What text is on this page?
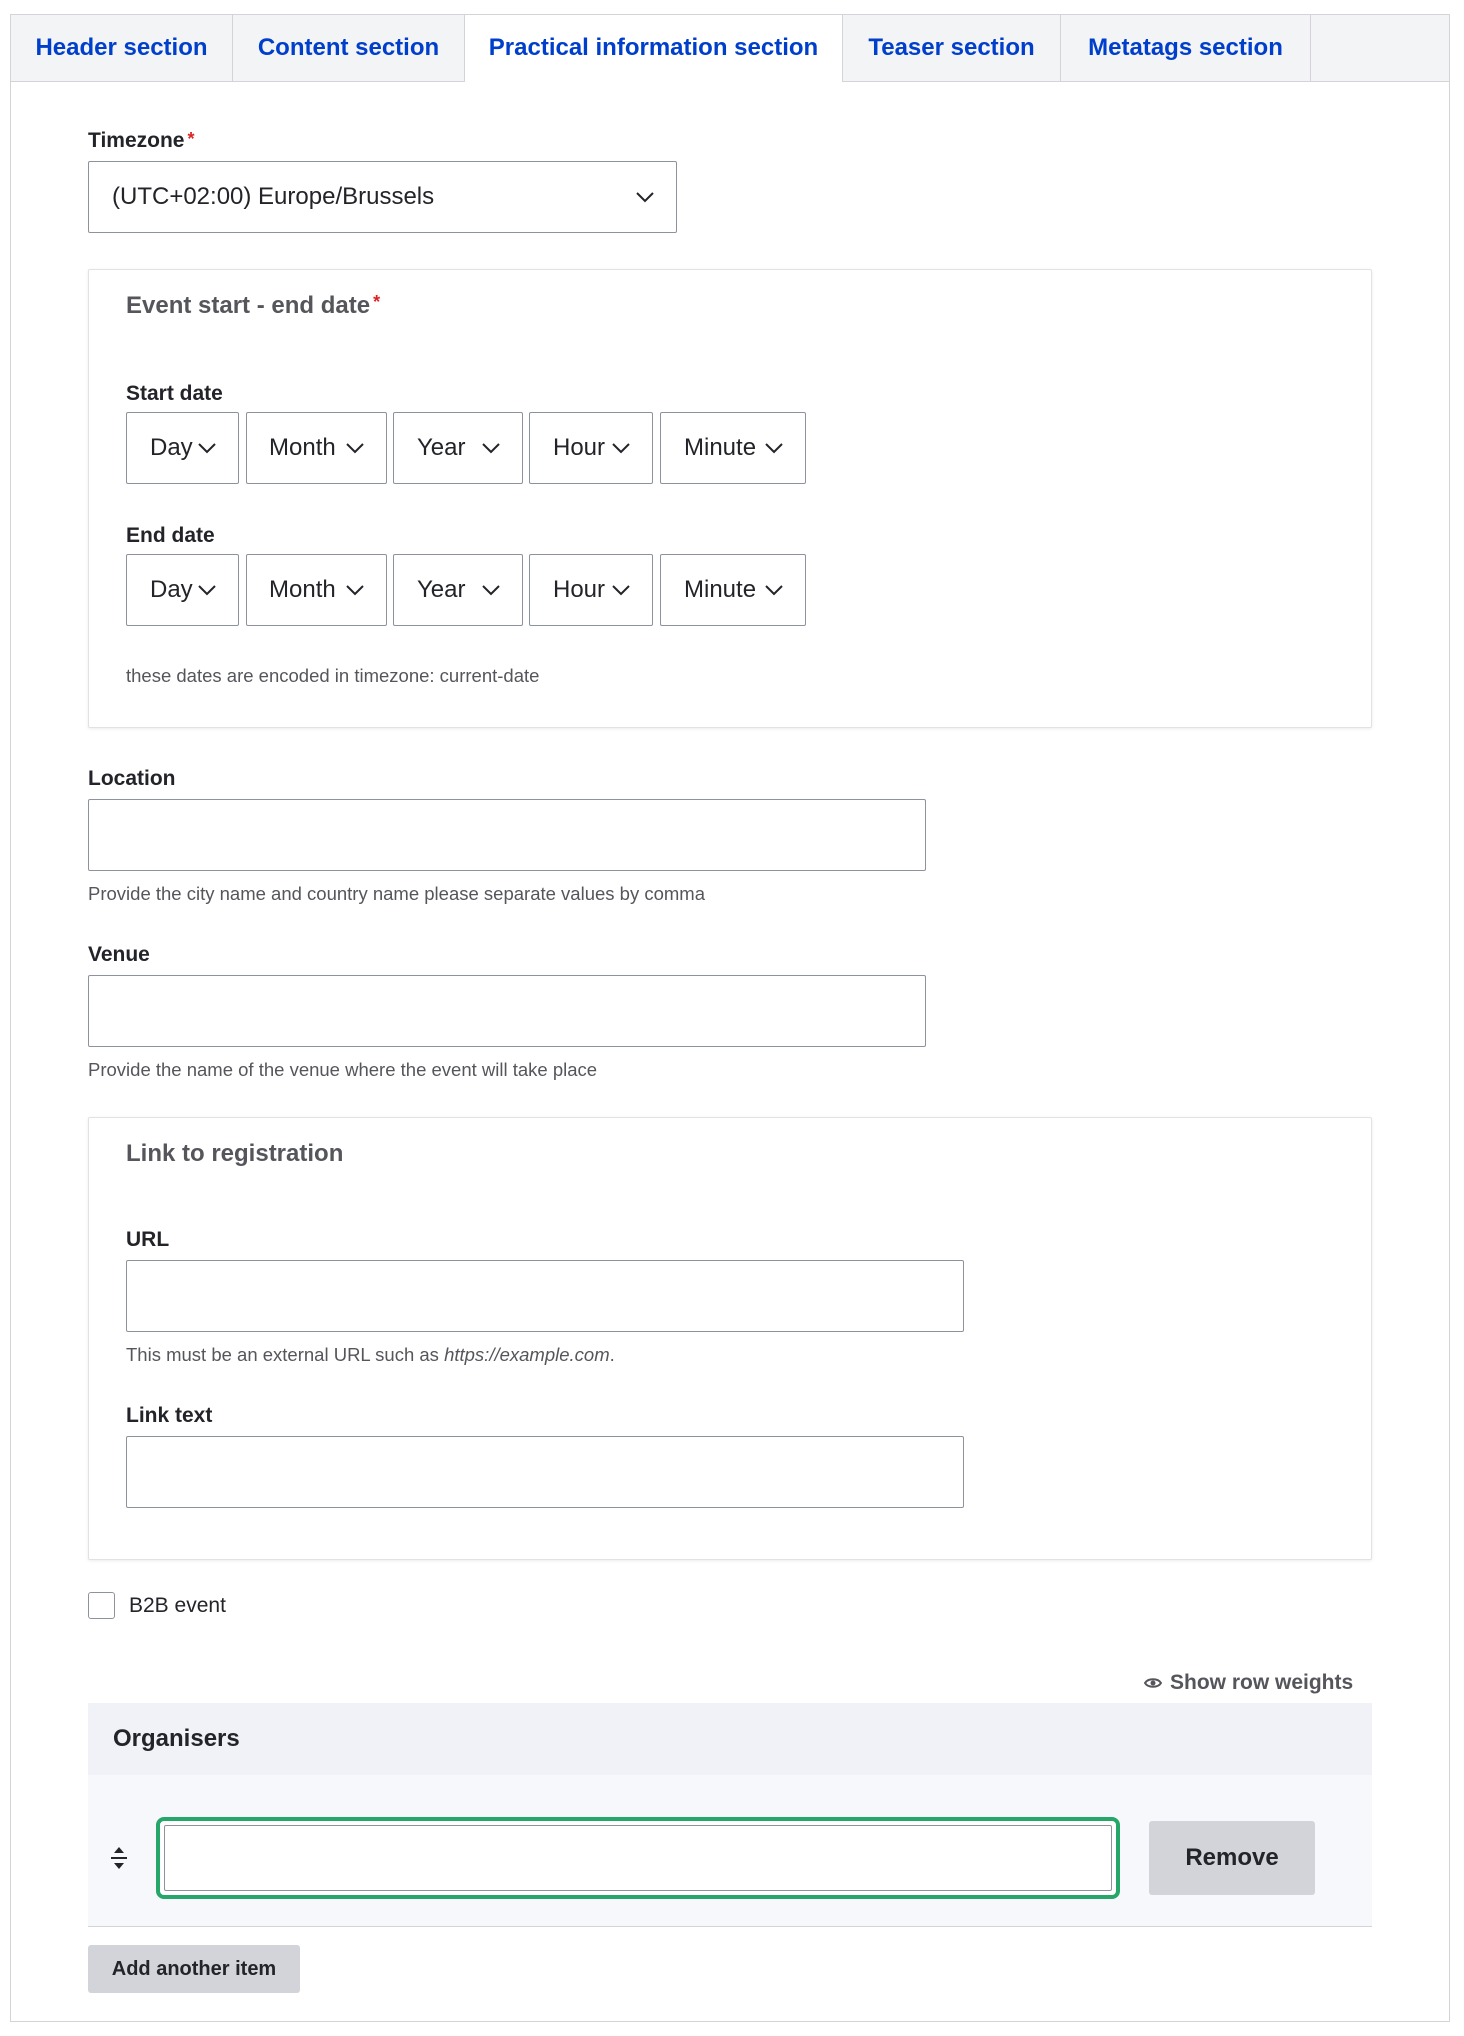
Header section	Content section	Practical information section	Teaser section	Metatags section
Timezone *
(UTC+02:00) Europe/Brussels
Event start - end date *
Start date
Day	Month	Year	Hour	Minute
End date
Day	Month	Year	Hour	Minute
these dates are encoded in timezone: current-date
Location
Provide the city name and country name please separate values by comma
Venue
Provide the name of the venue where the event will take place
Link to registration
URL
This must be an external URL such as https://example.com.
Link text
B2B event
Show row weights
Organisers
Remove
Add another item
